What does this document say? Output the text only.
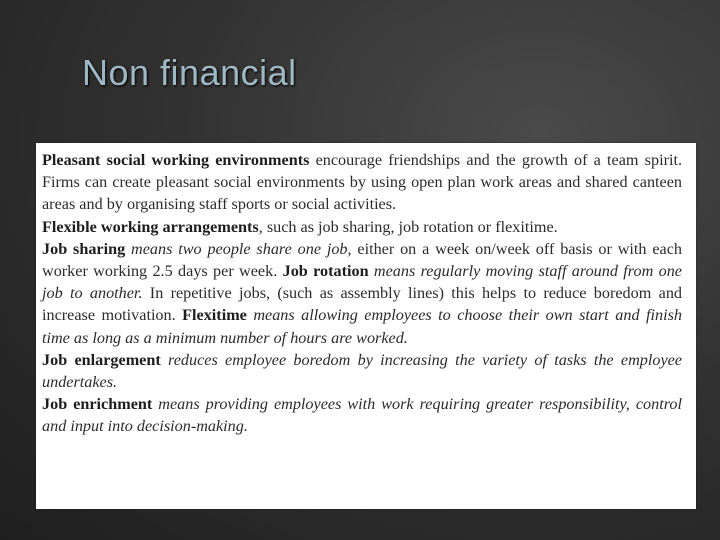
Non financial

Pleasant social working environments encourage friendships and the growth of a team spirit. Firms can create pleasant social environments by using open plan work areas and shared canteen areas and by organising staff sports or social activities.

Flexible working arrangements, such as job sharing, job rotation or flexitime.

Job sharing means two people share one job, either on a week on/week off basis or with each worker working 2.5 days per week. Job rotation means regularly moving staff around from one job to another. In repetitive jobs, (such as assembly lines) this helps to reduce boredom and increase motivation. Flexitime means allowing employees to choose their own start and finish time as long as a minimum number of hours are worked.

Job enlargement reduces employee boredom by increasing the variety of tasks the employee undertakes.

Job enrichment means providing employees with work requiring greater responsibility, control and input into decision-making.
